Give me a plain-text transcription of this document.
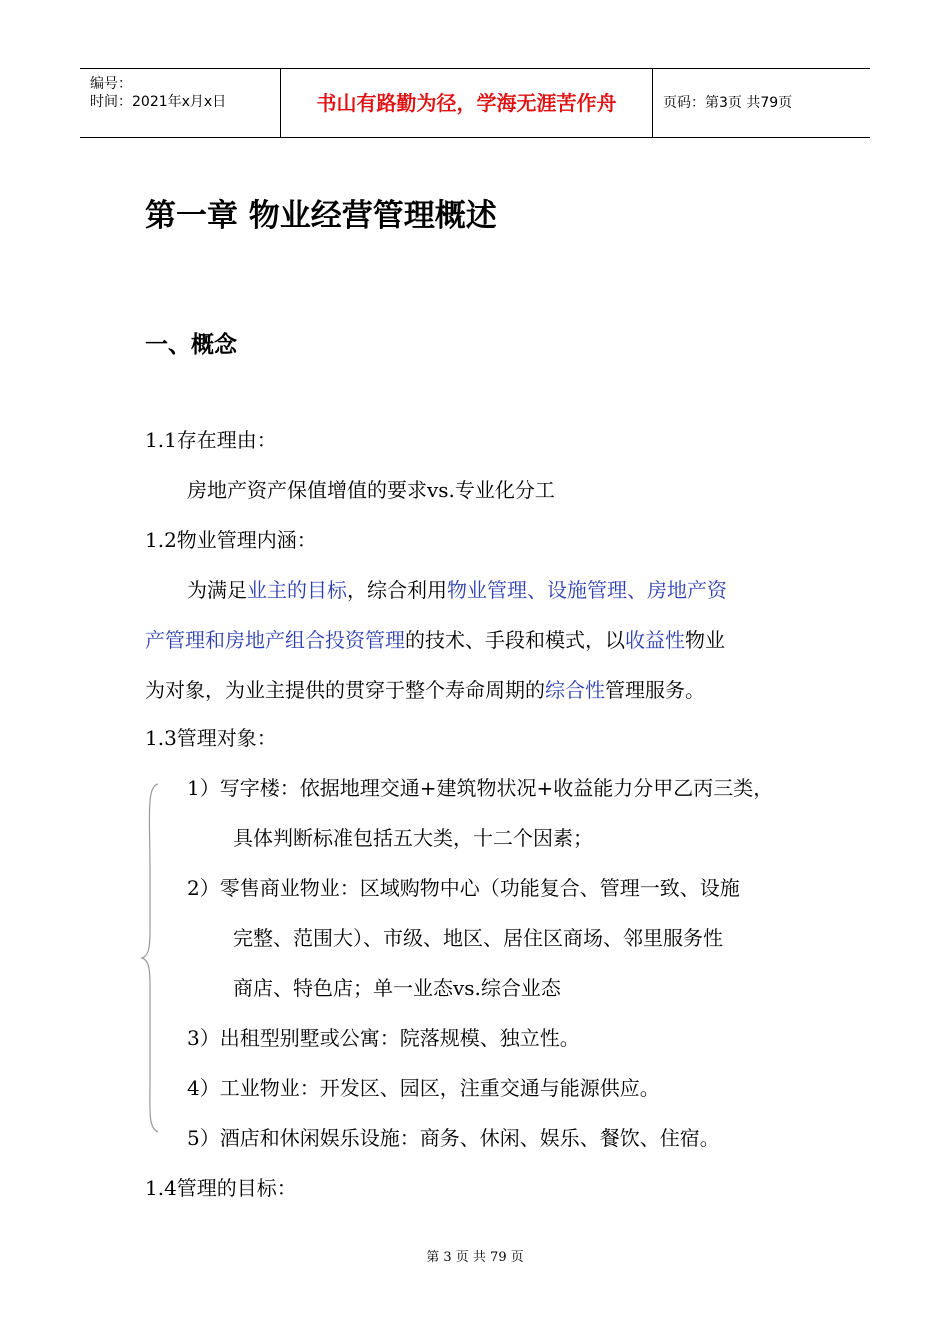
编号：
时间：2021年x月x日	书山有路勤为径，学海无涯苦作舟	页码：第3页 共79页
第一章 物业经营管理概述
一、概念
1.1存在理由：
房地产资产保值增值的要求vs.专业化分工
1.2物业管理内涵：
为满足业主的目标，综合利用物业管理、设施管理、房地产资
产管理和房地产组合投资管理的技术、手段和模式，以收益性物业
为对象，为业主提供的贯穿于整个寿命周期的综合性管理服务。
1.3管理对象：
1）写字楼：依据地理交通+建筑物状况+收益能力分甲乙丙三类，
具体判断标准包括五大类，十二个因素；
2）零售商业物业：区域购物中心（功能复合、管理一致、设施
完整、范围大）、市级、地区、居住区商场、邻里服务性
商店、特色店；单一业态vs.综合业态
3）出租型别墅或公寓：院落规模、独立性。
4）工业物业：开发区、园区，注重交通与能源供应。
5）酒店和休闲娱乐设施：商务、休闲、娱乐、餐饮、住宿。
1.4管理的目标：
第 3 页 共 79 页
